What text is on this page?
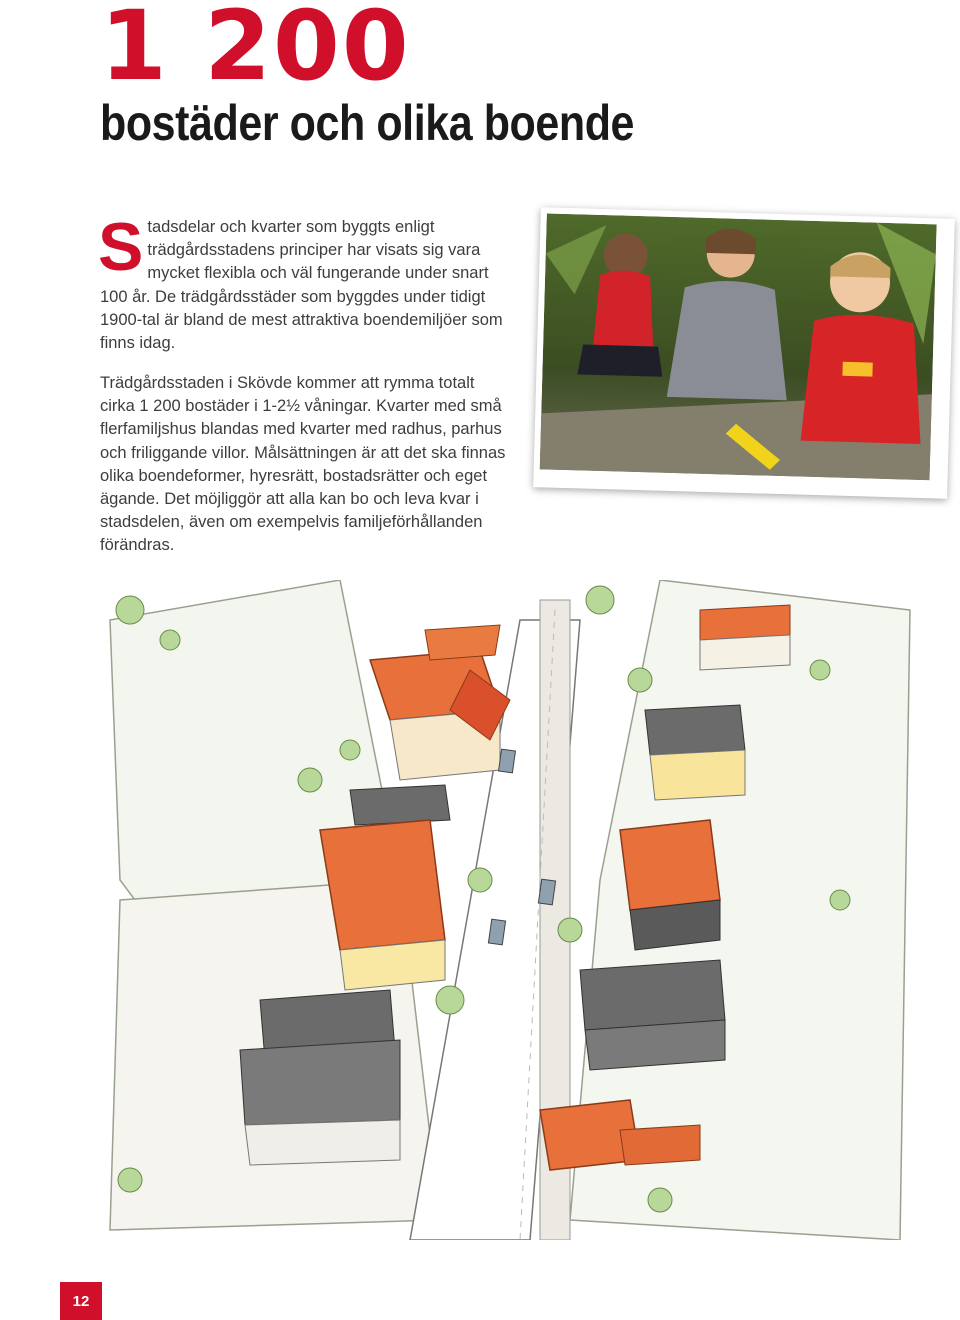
1 200
bostäder och olika boende
S tadsdelar och kvarter som byggts enligt trädgårdsstadens principer har visats sig vara mycket flexibla och väl fungerande under snart 100 år. De trädgårdsstäder som byggdes under tidigt 1900-tal är bland de mest attraktiva boendemiljöer som finns idag.
Trädgårdsstaden i Skövde kommer att rymma totalt cirka 1 200 bostäder i 1-2½ våningar. Kvarter med små flerfamiljshus blandas med kvarter med radhus, parhus och friliggande villor. Målsättningen är att det ska finnas olika boendeformer, hyresrätt, bostadsrätter och eget ägande. Det möjliggör att alla kan bo och leva kvar i stadsdelen, även om exempelvis familjeförhållanden förändras.
12
